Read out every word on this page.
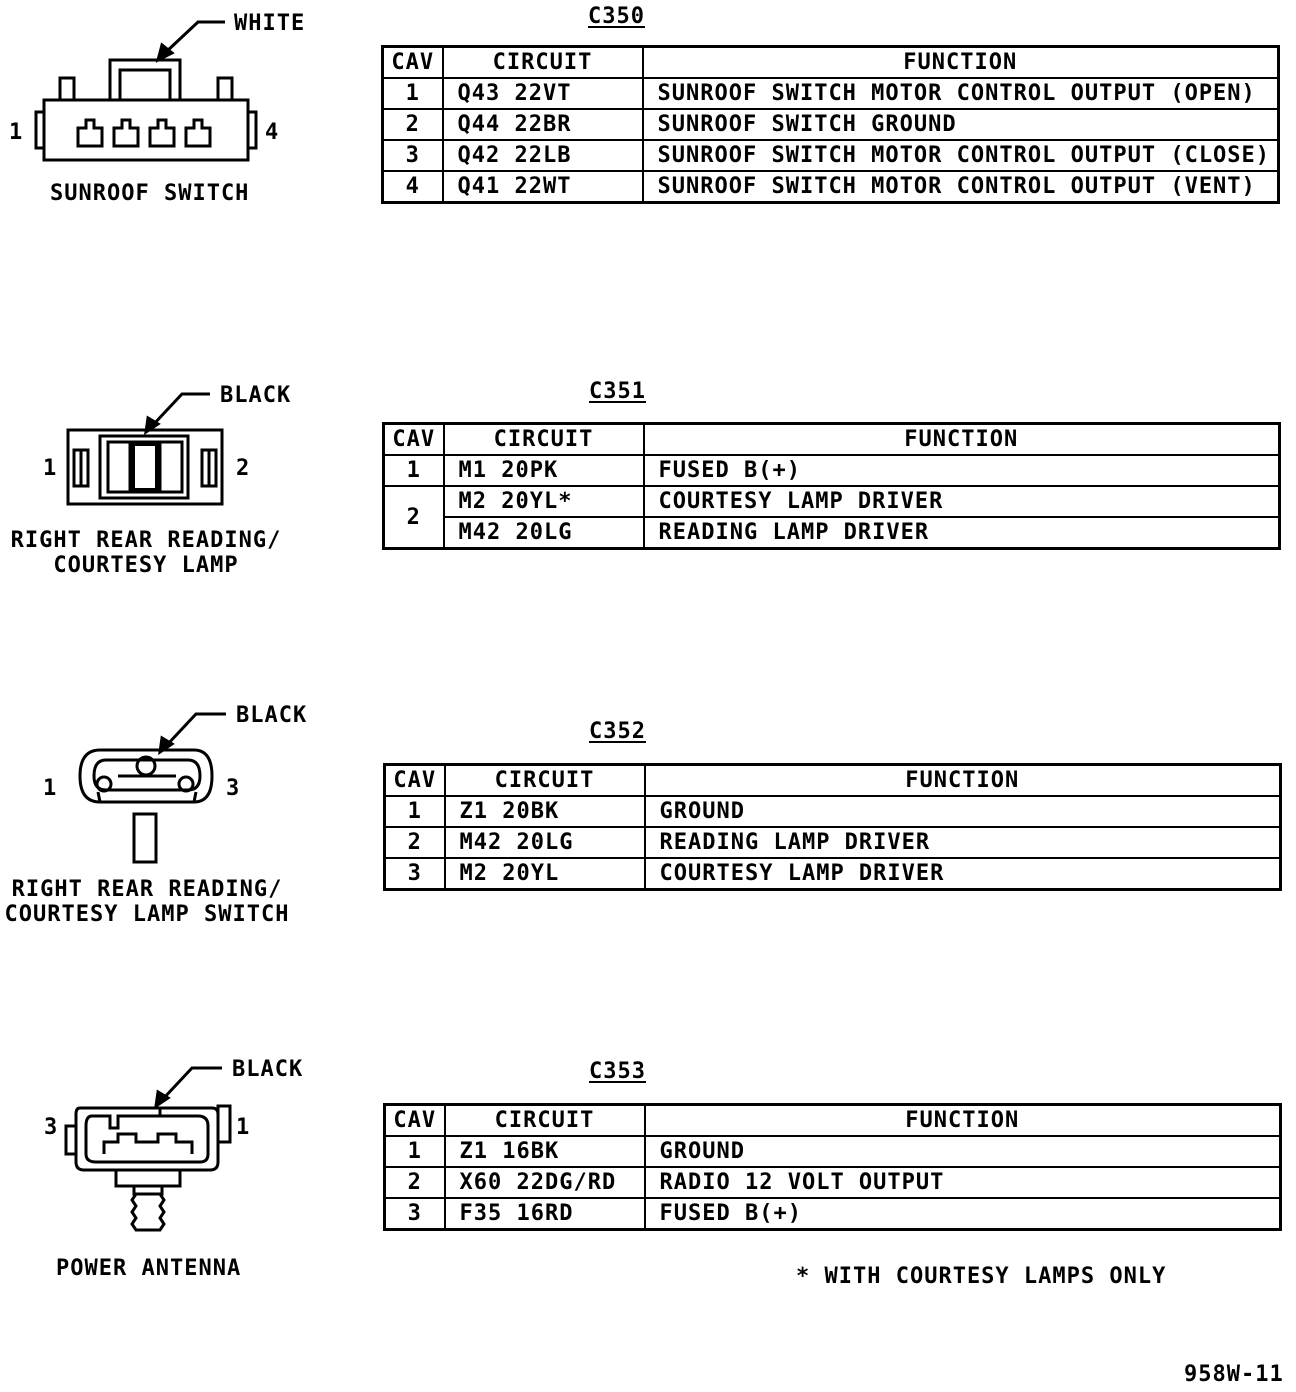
WHITE
1	4
SUNROOF SWITCH
C350
CAV	CIRCUIT	FUNCTION
1	Q43 22VT	SUNROOF SWITCH MOTOR CONTROL OUTPUT (OPEN)
2	Q44 22BR	SUNROOF SWITCH GROUND
3	Q42 22LB	SUNROOF SWITCH MOTOR CONTROL OUTPUT (CLOSE)
4	Q41 22WT	SUNROOF SWITCH MOTOR CONTROL OUTPUT (VENT)
BLACK
1	2
RIGHT REAR READING/
COURTESY LAMP
C351
CAV	CIRCUIT	FUNCTION
1	M1 20PK	FUSED B(+)
2	M2 20YL*	COURTESY LAMP DRIVER
	M42 20LG	READING LAMP DRIVER
BLACK
1	3
RIGHT REAR READING/
COURTESY LAMP SWITCH
C352
CAV	CIRCUIT	FUNCTION
1	Z1 20BK	GROUND
2	M42 20LG	READING LAMP DRIVER
3	M2 20YL	COURTESY LAMP DRIVER
BLACK
3	1
POWER ANTENNA
C353
CAV	CIRCUIT	FUNCTION
1	Z1 16BK	GROUND
2	X60 22DG/RD	RADIO 12 VOLT OUTPUT
3	F35 16RD	FUSED B(+)
* WITH COURTESY LAMPS ONLY
958W-11
